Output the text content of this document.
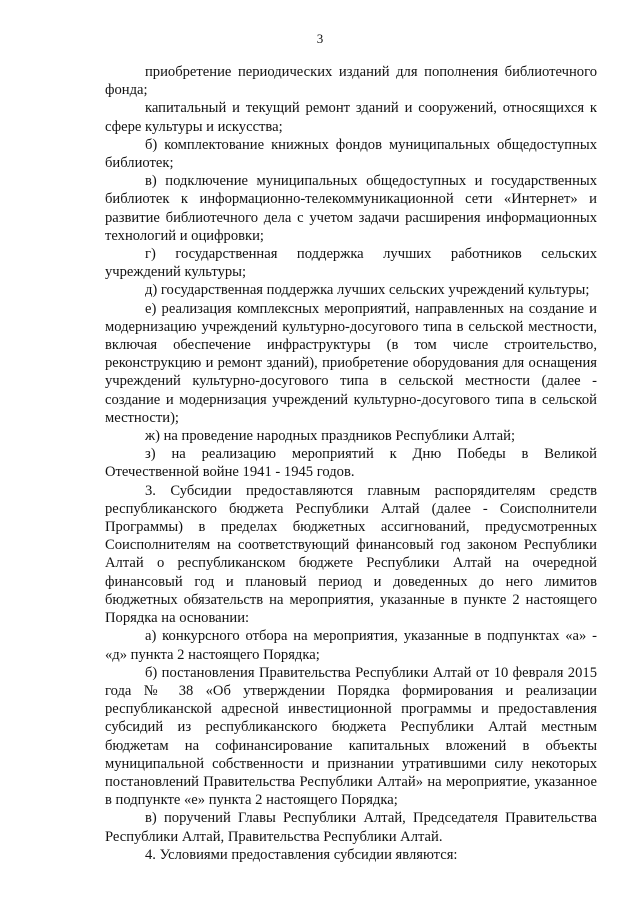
3

приобретение периодических изданий для пополнения библиотечного фонда;

капитальный и текущий ремонт зданий и сооружений, относящихся к сфере культуры и искусства;

б) комплектование книжных фондов муниципальных общедоступных библиотек;

в) подключение муниципальных общедоступных и государственных библиотек к информационно-телекоммуникационной сети «Интернет» и развитие библиотечного дела с учетом задачи расширения информационных технологий и оцифровки;

г) государственная поддержка лучших работников сельских учреждений культуры;

д) государственная поддержка лучших сельских учреждений культуры;

е) реализация комплексных мероприятий, направленных на создание и модернизацию учреждений культурно-досугового типа в сельской местности, включая обеспечение инфраструктуры (в том числе строительство, реконструкцию и ремонт зданий), приобретение оборудования для оснащения учреждений культурно-досугового типа в сельской местности (далее - создание и модернизация учреждений культурно-досугового типа в сельской местности);

ж) на проведение народных праздников Республики Алтай;

з) на реализацию мероприятий к Дню Победы в Великой Отечественной войне 1941 - 1945 годов.

3. Субсидии предоставляются главным распорядителям средств республиканского бюджета Республики Алтай (далее - Соисполнители Программы) в пределах бюджетных ассигнований, предусмотренных Соисполнителям на соответствующий финансовый год законом Республики Алтай о республиканском бюджете Республики Алтай на очередной финансовый год и плановый период и доведенных до него лимитов бюджетных обязательств на мероприятия, указанные в пункте 2 настоящего Порядка на основании:

а) конкурсного отбора на мероприятия, указанные в подпунктах «а» - «д» пункта 2 настоящего Порядка;

б) постановления Правительства Республики Алтай от 10 февраля 2015 года № 38 «Об утверждении Порядка формирования и реализации республиканской адресной инвестиционной программы и предоставления субсидий из республиканского бюджета Республики Алтай местным бюджетам на софинансирование капитальных вложений в объекты муниципальной собственности и признании утратившими силу некоторых постановлений Правительства Республики Алтай» на мероприятие, указанное в подпункте «е» пункта 2 настоящего Порядка;

в) поручений Главы Республики Алтай, Председателя Правительства Республики Алтай, Правительства Республики Алтай.

4. Условиями предоставления субсидии являются:
